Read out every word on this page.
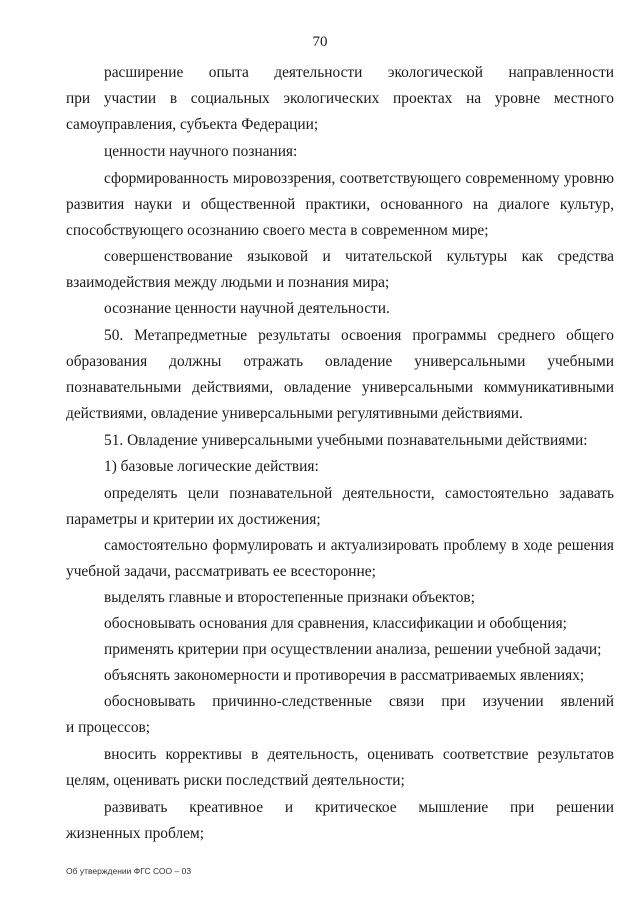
70
расширение опыта деятельности экологической направленности
при участии в социальных экологических проектах на уровне местного
самоуправления, субъекта Федерации;
ценности научного познания:
сформированность мировоззрения, соответствующего современному уровню
развития науки и общественной практики, основанного на диалоге культур,
способствующего осознанию своего места в современном мире;
совершенствование языковой и читательской культуры как средства
взаимодействия между людьми и познания мира;
осознание ценности научной деятельности.
50. Метапредметные результаты освоения программы среднего общего
образования должны отражать овладение универсальными учебными
познавательными действиями, овладение универсальными коммуникативными
действиями, овладение универсальными регулятивными действиями.
51. Овладение универсальными учебными познавательными действиями:
1) базовые логические действия:
определять цели познавательной деятельности, самостоятельно задавать
параметры и критерии их достижения;
самостоятельно формулировать и актуализировать проблему в ходе решения
учебной задачи, рассматривать ее всесторонне;
выделять главные и второстепенные признаки объектов;
обосновывать основания для сравнения, классификации и обобщения;
применять критерии при осуществлении анализа, решении учебной задачи;
объяснять закономерности и противоречия в рассматриваемых явлениях;
обосновывать причинно-следственные связи при изучении явлений
и процессов;
вносить коррективы в деятельность, оценивать соответствие результатов
целям, оценивать риски последствий деятельности;
развивать креативное и критическое мышление при решении
жизненных проблем;
Об утверждении ФГС СОО – 03
